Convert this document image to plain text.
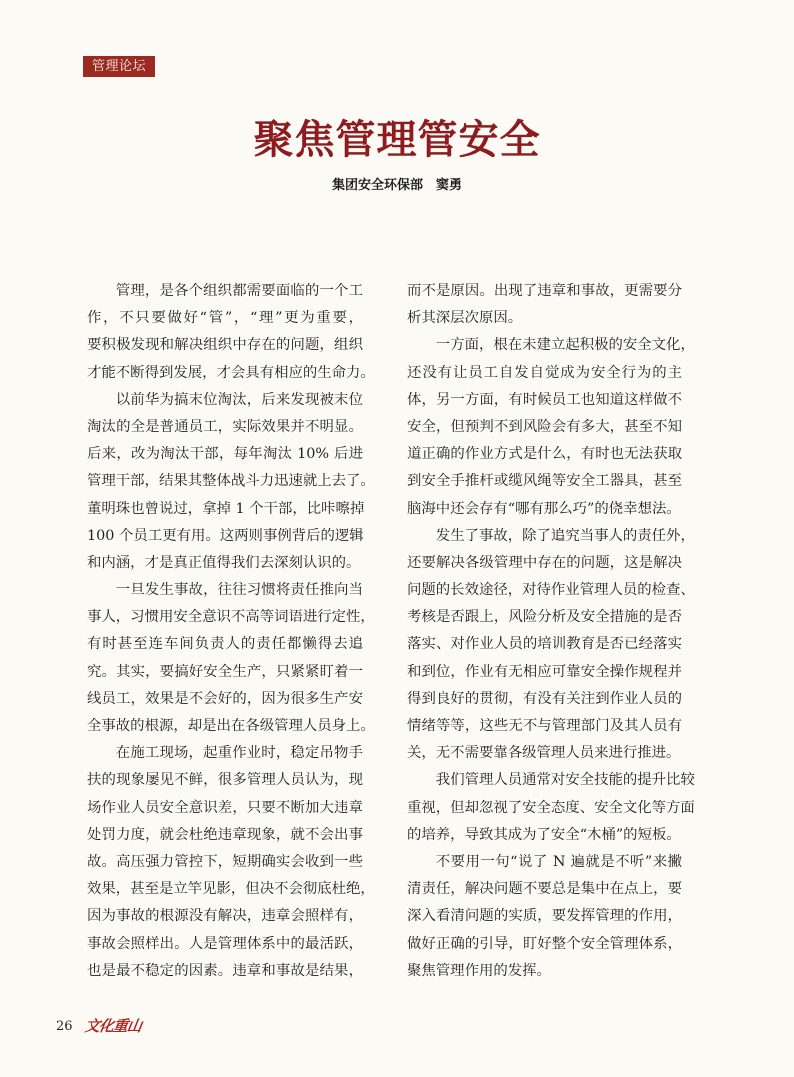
管理论坛
聚焦管理管安全
集团安全环保部　窦勇
管理，是各个组织都需要面临的一个工
作，不只要做好“管”，“理”更为重要，
要积极发现和解决组织中存在的问题，组织
才能不断得到发展，才会具有相应的生命力。
以前华为搞末位淘汰，后来发现被末位
淘汰的全是普通员工，实际效果并不明显。
后来，改为淘汰干部，每年淘汰 10% 后进
管理干部，结果其整体战斗力迅速就上去了。
董明珠也曾说过，拿掉 1 个干部，比咔嚓掉
100 个员工更有用。这两则事例背后的逻辑
和内涵，才是真正值得我们去深刻认识的。
一旦发生事故，往往习惯将责任推向当
事人，习惯用安全意识不高等词语进行定性，
有时甚至连车间负责人的责任都懒得去追
究。其实，要搞好安全生产，只紧紧盯着一
线员工，效果是不会好的，因为很多生产安
全事故的根源，却是出在各级管理人员身上。
在施工现场，起重作业时，稳定吊物手
扶的现象屡见不鲜，很多管理人员认为，现
场作业人员安全意识差，只要不断加大违章
处罚力度，就会杜绝违章现象，就不会出事
故。高压强力管控下，短期确实会收到一些
效果，甚至是立竿见影，但决不会彻底杜绝，
因为事故的根源没有解决，违章会照样有，
事故会照样出。人是管理体系中的最活跃，
也是最不稳定的因素。违章和事故是结果，
而不是原因。出现了违章和事故，更需要分
析其深层次原因。
一方面，根在未建立起积极的安全文化，
还没有让员工自发自觉成为安全行为的主
体，另一方面，有时候员工也知道这样做不
安全，但预判不到风险会有多大，甚至不知
道正确的作业方式是什么，有时也无法获取
到安全手推杆或缆风绳等安全工器具，甚至
脑海中还会存有“哪有那么巧”的侥幸想法。
发生了事故，除了追究当事人的责任外，
还要解决各级管理中存在的问题，这是解决
问题的长效途径，对待作业管理人员的检查、
考核是否跟上，风险分析及安全措施的是否
落实、对作业人员的培训教育是否已经落实
和到位，作业有无相应可靠安全操作规程并
得到良好的贯彻，有没有关注到作业人员的
情绪等等，这些无不与管理部门及其人员有
关，无不需要靠各级管理人员来进行推进。
我们管理人员通常对安全技能的提升比较
重视，但却忽视了安全态度、安全文化等方面
的培养，导致其成为了安全“木桶”的短板。
不要用一句“说了 N 遍就是不听”来撇
清责任，解决问题不要总是集中在点上，要
深入看清问题的实质，要发挥管理的作用，
做好正确的引导，盯好整个安全管理体系，
聚焦管理作用的发挥。
26 文化重山
